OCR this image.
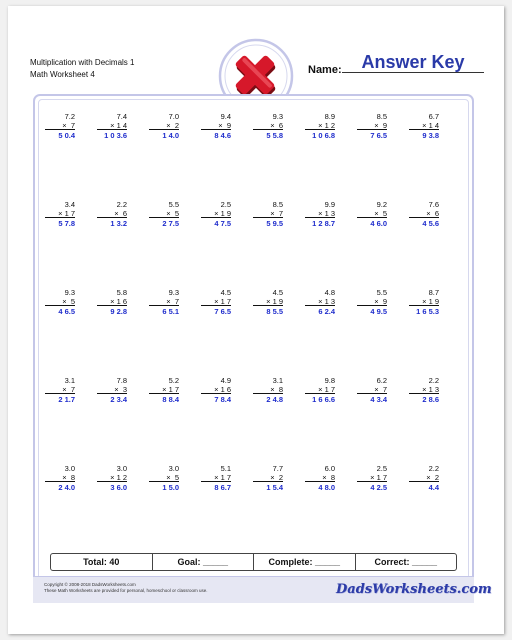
Multiplication with Decimals 1
Math Worksheet 4	Name:	Answer Key
7.2
×  7
5 0.4
7.4
× 1 4
1 0 3.6
7.0
×  2
1 4.0
9.4
×  9
8 4.6
9.3
×  6
5 5.8
8.9
× 1 2
1 0 6.8
8.5
×  9
7 6.5
6.7
× 1 4
9 3.8
3.4
× 1 7
5 7.8
2.2
×  6
1 3.2
5.5
×  5
2 7.5
2.5
× 1 9
4 7.5
8.5
×  7
5 9.5
9.9
× 1 3
1 2 8.7
9.2
×  5
4 6.0
7.6
×  6
4 5.6
9.3
×  5
4 6.5
5.8
× 1 6
9 2.8
9.3
×  7
6 5.1
4.5
× 1 7
7 6.5
4.5
× 1 9
8 5.5
4.8
× 1 3
6 2.4
5.5
×  9
4 9.5
8.7
× 1 9
1 6 5.3
3.1
×  7
2 1.7
7.8
×  3
2 3.4
5.2
× 1 7
8 8.4
4.9
× 1 6
7 8.4
3.1
×  8
2 4.8
9.8
× 1 7
1 6 6.6
6.2
×  7
4 3.4
2.2
× 1 3
2 8.6
3.0
×  8
2 4.0
3.0
× 1 2
3 6.0
3.0
×  5
1 5.0
5.1
× 1 7
8 6.7
7.7
×  2
1 5.4
6.0
×  8
4 8.0
2.5
× 1 7
4 2.5
2.2
×  2
4.4
Total: 40	Goal: _____	Complete: _____	Correct: _____
Copyright © 2008-2018 DadsWorksheets.com
These Math Worksheets are provided for personal, homeschool or classroom use.	DadsWorksheets.com
